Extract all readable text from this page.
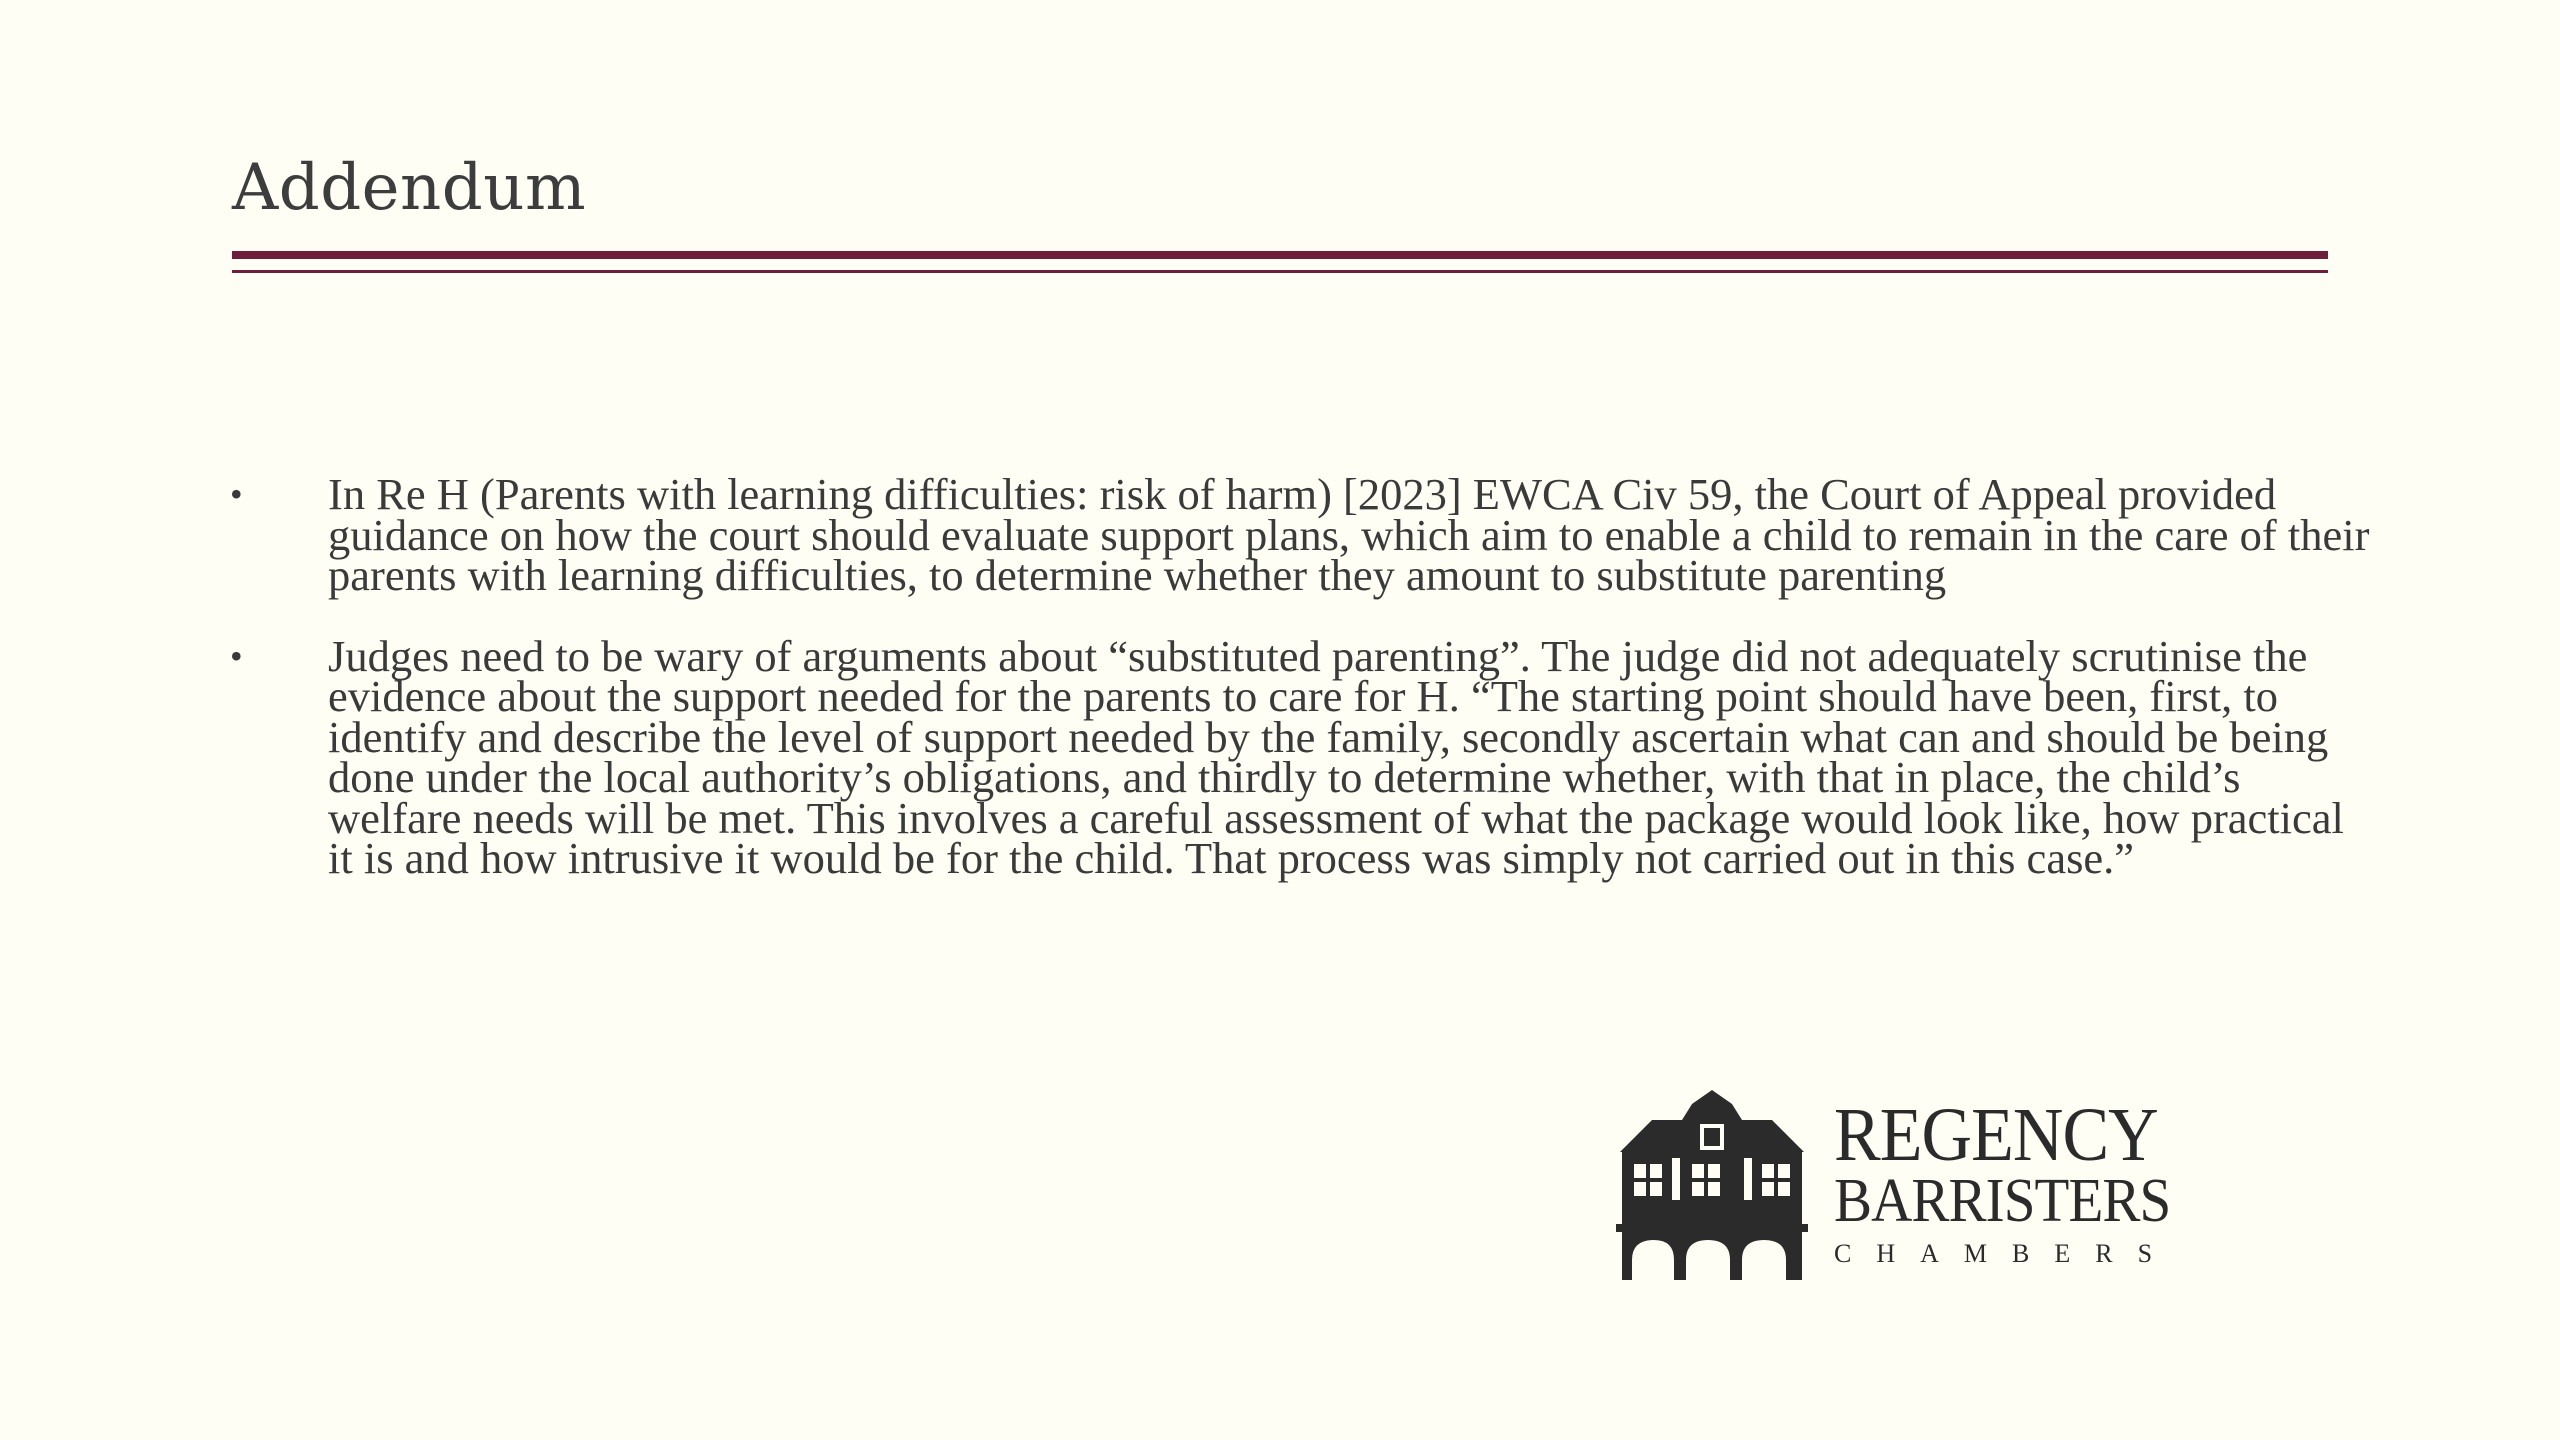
Addendum
•	In Re H (Parents with learning difficulties: risk of harm) [2023] EWCA Civ 59, the Court of Appeal provided guidance on how the court should evaluate support plans, which aim to enable a child to remain in the care of their parents with learning difficulties, to determine whether they amount to substitute parenting
•	Judges need to be wary of arguments about “substituted parenting”. The judge did not adequately scrutinise the evidence about the support needed for the parents to care for H. “The starting point should have been, first, to identify and describe the level of support needed by the family, secondly ascertain what can and should be being done under the local authority’s obligations, and thirdly to determine whether, with that in place, the child’s welfare needs will be met. This involves a careful assessment of what the package would look like, how practical it is and how intrusive it would be for the child. That process was simply not carried out in this case.”
REGENCY
BARRISTERS
CHAMBERS
